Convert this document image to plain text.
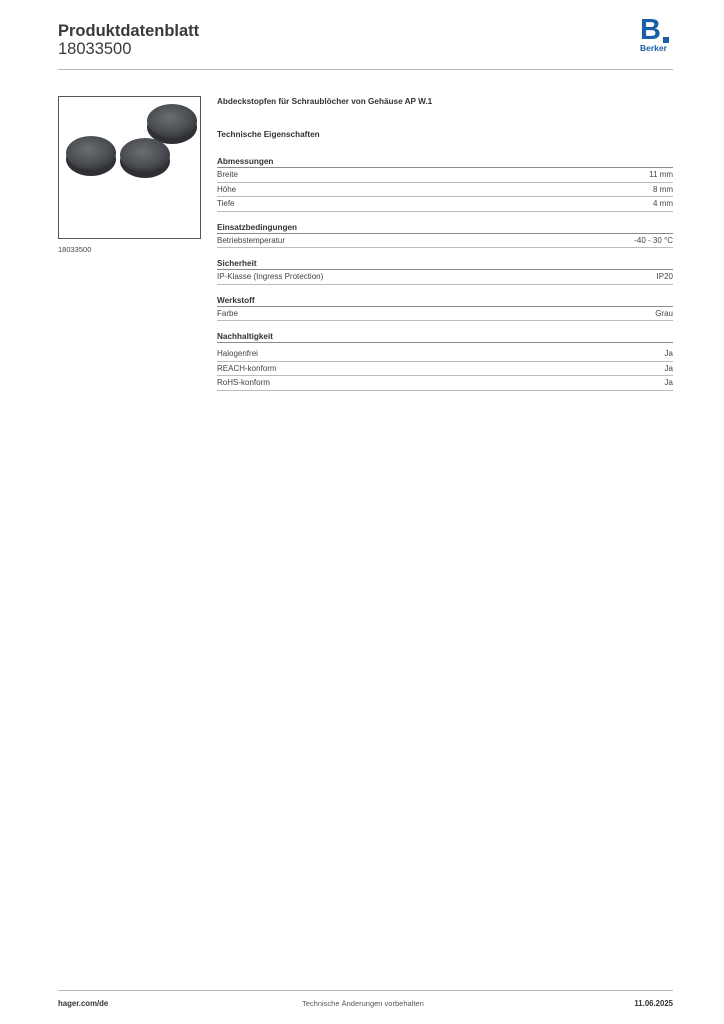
Produktdatenblatt
18033500
B
Berker
18033500
Abdeckstopfen für Schraublöcher von Gehäuse AP W.1
Technische Eigenschaften
Abmessungen
Breite	11 mm
Höhe	8 mm
Tiefe	4 mm
Einsatzbedingungen
Betriebstemperatur	-40 - 30 °C
Sicherheit
IP-Klasse (Ingress Protection)	IP20
Werkstoff
Farbe	Grau
Nachhaltigkeit
Halogenfrei	Ja
REACH-konform	Ja
RoHS-konform	Ja
hager.com/de	Technische Änderungen vorbehalten	11.06.2025
